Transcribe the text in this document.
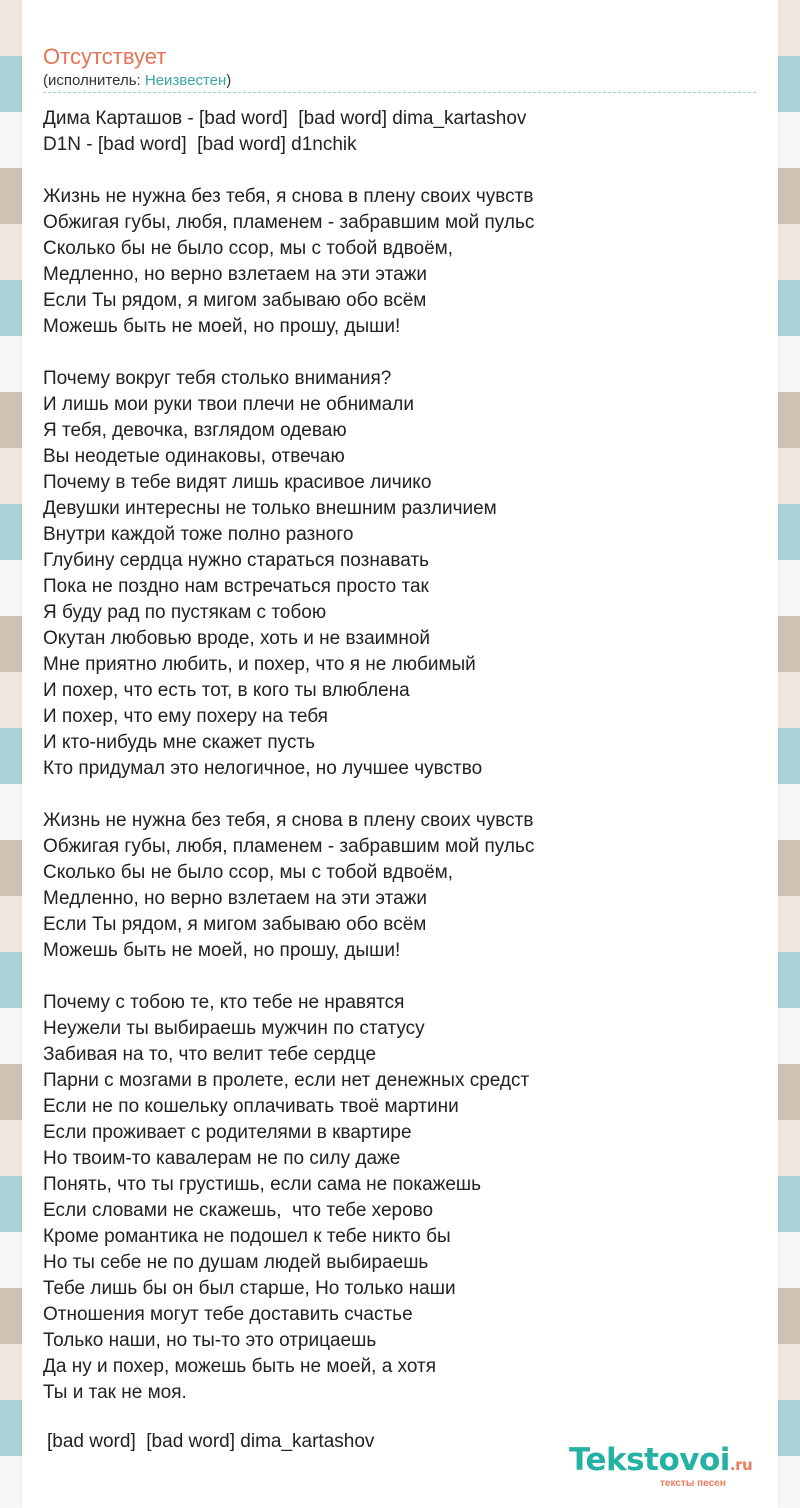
Отсутствует
(исполнитель: Неизвестен)
Дима Карташов - [bad word]  [bad word] dima_kartashov
D1N - [bad word]  [bad word] d1nchik
Жизнь не нужна без тебя, я снова в плену своих чувств
Обжигая губы, любя, пламенем - забравшим мой пульс
Сколько бы не было ссор, мы с тобой вдвоём,
Медленно, но верно взлетаем на эти этажи
Если Ты рядом, я мигом забываю обо всём
Можешь быть не моей, но прошу, дыши!
Почему вокруг тебя столько внимания?
И лишь мои руки твои плечи не обнимали
Я тебя, девочка, взглядом одеваю
Вы неодетые одинаковы, отвечаю
Почему в тебе видят лишь красивое личико
Девушки интересны не только внешним различием
Внутри каждой тоже полно разного
Глубину сердца нужно стараться познавать
Пока не поздно нам встречаться просто так
Я буду рад по пустякам с тобою
Окутан любовью вроде, хоть и не взаимной
Мне приятно любить, и похер, что я не любимый
И похер, что есть тот, в кого ты влюблена
И похер, что ему похеру на тебя
И кто-нибудь мне скажет пусть
Кто придумал это нелогичное, но лучшее чувство
Жизнь не нужна без тебя, я снова в плену своих чувств
Обжигая губы, любя, пламенем - забравшим мой пульс
Сколько бы не было ссор, мы с тобой вдвоём,
Медленно, но верно взлетаем на эти этажи
Если Ты рядом, я мигом забываю обо всём
Можешь быть не моей, но прошу, дыши!
Почему с тобою те, кто тебе не нравятся
Неужели ты выбираешь мужчин по статусу
Забивая на то, что велит тебе сердце
Парни с мозгами в пролете, если нет денежных средст
Если не по кошельку оплачивать твоё мартини
Если проживает с родителями в квартире
Но твоим-то кавалерам не по силу даже
Понять, что ты грустишь, если сама не покажешь
Если словами не скажешь,  что тебе херово
Кроме романтика не подошел к тебе никто бы
Но ты себе не по душам людей выбираешь
Тебе лишь бы он был старше, Но только наши
Отношения могут тебе доставить счастье
Только наши, но ты-то это отрицаешь
Да ну и похер, можешь быть не моей, а хотя
Ты и так не моя.
[bad word]  [bad word] dima_kartashov
Tekstovoi.ru
тексты песен
